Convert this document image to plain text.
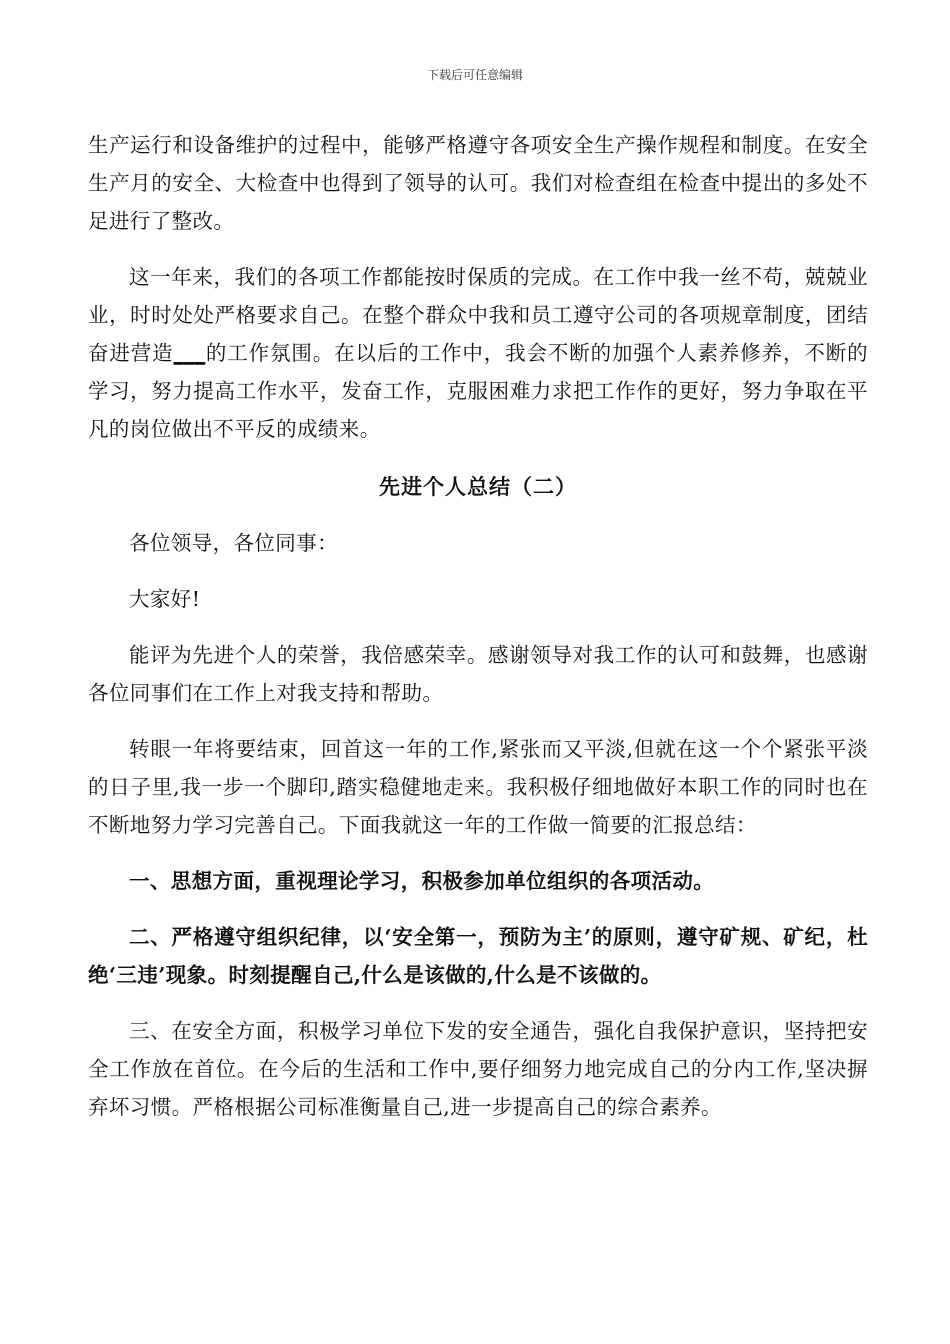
下载后可任意编辑

生产运行和设备维护的过程中，能够严格遵守各项安全生产操作规程和制度。在安全生产月的安全、大检查中也得到了领导的认可。我们对检查组在检查中提出的多处不足进行了整改。

这一年来，我们的各项工作都能按时保质的完成。在工作中我一丝不苟，兢兢业业，时时处处严格要求自己。在整个群众中我和员工遵守公司的各项规章制度，团结奋进营造___的工作氛围。在以后的工作中，我会不断的加强个人素养修养，不断的学习，努力提高工作水平，发奋工作，克服困难力求把工作作的更好，努力争取在平凡的岗位做出不平反的成绩来。

先进个人总结（二）

各位领导，各位同事：

大家好!

能评为先进个人的荣誉，我倍感荣幸。感谢领导对我工作的认可和鼓舞，也感谢各位同事们在工作上对我支持和帮助。

转眼一年将要结束，回首这一年的工作,紧张而又平淡,但就在这一个个紧张平淡的日子里,我一步一个脚印,踏实稳健地走来。我积极仔细地做好本职工作的同时也在不断地努力学习完善自己。下面我就这一年的工作做一简要的汇报总结：

一、思想方面，重视理论学习，积极参加单位组织的各项活动。

二、严格遵守组织纪律，以‘安全第一，预防为主’的原则，遵守矿规、矿纪，杜绝‘三违’现象。时刻提醒自己,什么是该做的,什么是不该做的。

三、在安全方面，积极学习单位下发的安全通告，强化自我保护意识，坚持把安全工作放在首位。在今后的生活和工作中,要仔细努力地完成自己的分内工作,坚决摒弃坏习惯。严格根据公司标准衡量自己,进一步提高自己的综合素养。
